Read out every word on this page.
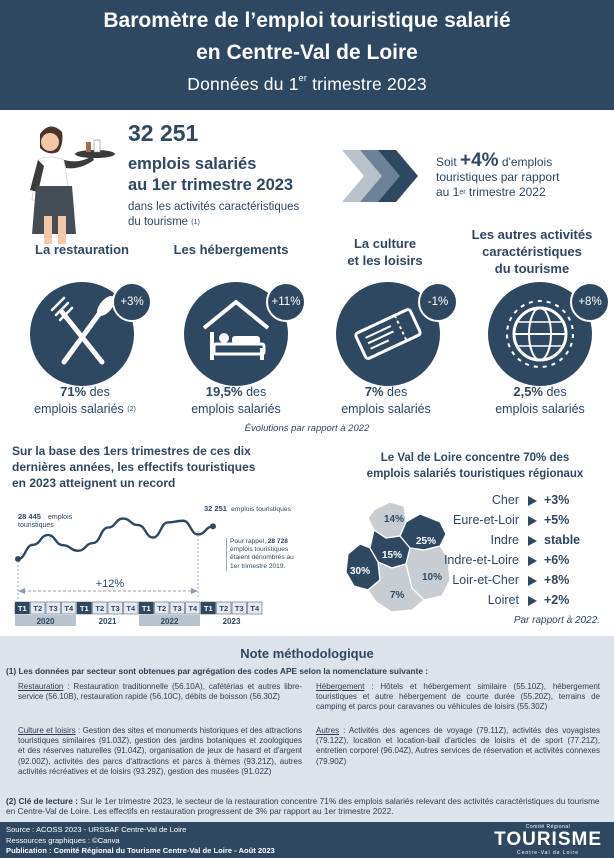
Baromètre de l’emploi touristique salarié
en Centre-Val de Loire
Données du 1er trimestre 2023
32 251
emplois salariés
au 1er trimestre 2023
dans les activités caractéristiques
du tourisme $^{(1)}$
Soit +4% d'emplois
touristiques par rapport
au 1er trimestre 2022
La restauration	Les hébergements	La culture
et les loisirs
Les autres activités
caractéristiques
du tourisme
+3%	+11%	-1%	+8%
71% des
emplois salariés $^{(2)}$
19,5% des
emplois salariés
7% des
emplois salariés
2,5% des
emplois salariés
Évolutions par rapport à 2022
Sur la base des 1ers trimestres de ces dix dernières années, les effectifs touristiques en 2023 atteignent un record
28 445 emplois
touristiques
32 251 emplois touristiques
+12%
T1 T2 T3 T4 T1 T2 T3 T4 T1 T2 T3 T4 T1 T2 T3 T4
2020	2021	2022	2023
Pour rappel, 28 728
emplois touristiques
étaient dénombrés au
1er trimestre 2019.
Le Val de Loire concentre 70% des
emplois salariés touristiques régionaux
14%
25%
15%
30%
10%
7%
Cher +3%
Eure-et-Loir +5%
Indre stable
Indre-et-Loire +6%
Loir-et-Cher +8%
Loiret +2%
Par rapport à 2022.
Note méthodologique
(1) Les données par secteur sont obtenues par agrégation des codes APE selon la nomenclature suivante :
Restauration : Restauration traditionnelle (56.10A), cafétérias et autres libre-service (56.10B), restauration rapide (56.10C), débits de boisson (56.30Z)
Hébergement : Hôtels et hébergement similaire (55.10Z), hébergement touristiques et autre hébergement de courte durée (55.20Z), terrains de camping et parcs pour caravanes ou véhicules de loisirs (55.30Z)
Culture et loisirs : Gestion des sites et monuments historiques et des attractions touristiques similaires (91.03Z), gestion des jardins botaniques et zoologiques et des réserves naturelles (91.04Z), organisation de jeux de hasard et d'argent (92.00Z), activités des parcs d'attractions et parcs à thèmes (93.21Z), autres activités récréatives et de loisirs (93.29Z), gestion des musées (91.02Z)
Autres : Activités des agences de voyage (79.11Z), activités des voyagistes (79.12Z), location et location-bail d'articles de loisirs et de sport (77.21Z), entretien corporel (96.04Z), Autres services de réservation et activités connexes (79.90Z)
(2) Clé de lecture : Sur le 1er trimestre 2023, le secteur de la restauration concentre 71% des emplois salariés relevant des activités caractéristiques du tourisme en Centre-Val de Loire. Les effectifs en restauration progressent de 3% par rapport au 1er trimestre 2022.
Source : ACOSS 2023 - URSSAF Centre-Val de Loire
Ressources graphiques : ©Canva
Publication : Comité Régional du Tourisme Centre-Val de Loire - Août 2023
Comité Régional
TOURISME
Centre-Val de Loire
